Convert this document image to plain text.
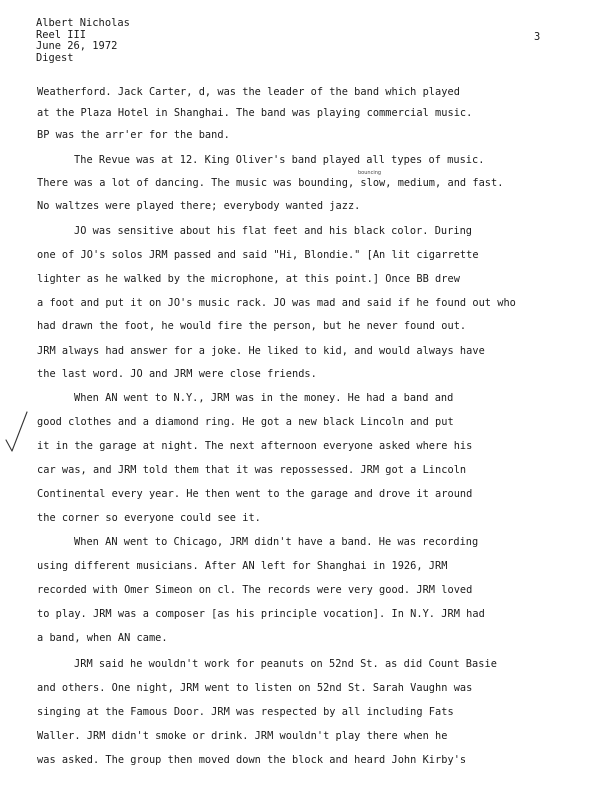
Albert Nicholas
Reel III
June 26, 1972
Digest
3
bouncing
Weatherford. Jack Carter, d, was the leader of the band which played
at the Plaza Hotel in Shanghai. The band was playing commercial music.
BP was the arr'er for the band.
The Revue was at 12. King Oliver's band played all types of music.
There was a lot of dancing. The music was bounding, slow, medium, and fast.
No waltzes were played there; everybody wanted jazz.
JO was sensitive about his flat feet and his black color. During
one of JO's solos JRM passed and said "Hi, Blondie." [An lit cigarrette
lighter as he walked by the microphone, at this point.] Once BB drew
a foot and put it on JO's music rack. JO was mad and said if he found out who
had drawn the foot, he would fire the person, but he never found out.
JRM always had answer for a joke. He liked to kid, and would always have
the last word. JO and JRM were close friends.
When AN went to N.Y., JRM was in the money. He had a band and
good clothes and a diamond ring. He got a new black Lincoln and put
it in the garage at night. The next afternoon everyone asked where his
car was, and JRM told them that it was repossessed. JRM got a Lincoln
Continental every year. He then went to the garage and drove it around
the corner so everyone could see it.
When AN went to Chicago, JRM didn't have a band. He was recording
using different musicians. After AN left for Shanghai in 1926, JRM
recorded with Omer Simeon on cl. The records were very good. JRM loved
to play. JRM was a composer [as his principle vocation]. In N.Y. JRM had
a band, when AN came.
JRM said he wouldn't work for peanuts on 52nd St. as did Count Basie
and others. One night, JRM went to listen on 52nd St. Sarah Vaughn was
singing at the Famous Door. JRM was respected by all including Fats
Waller. JRM didn't smoke or drink. JRM wouldn't play there when he
was asked. The group then moved down the block and heard John Kirby's
